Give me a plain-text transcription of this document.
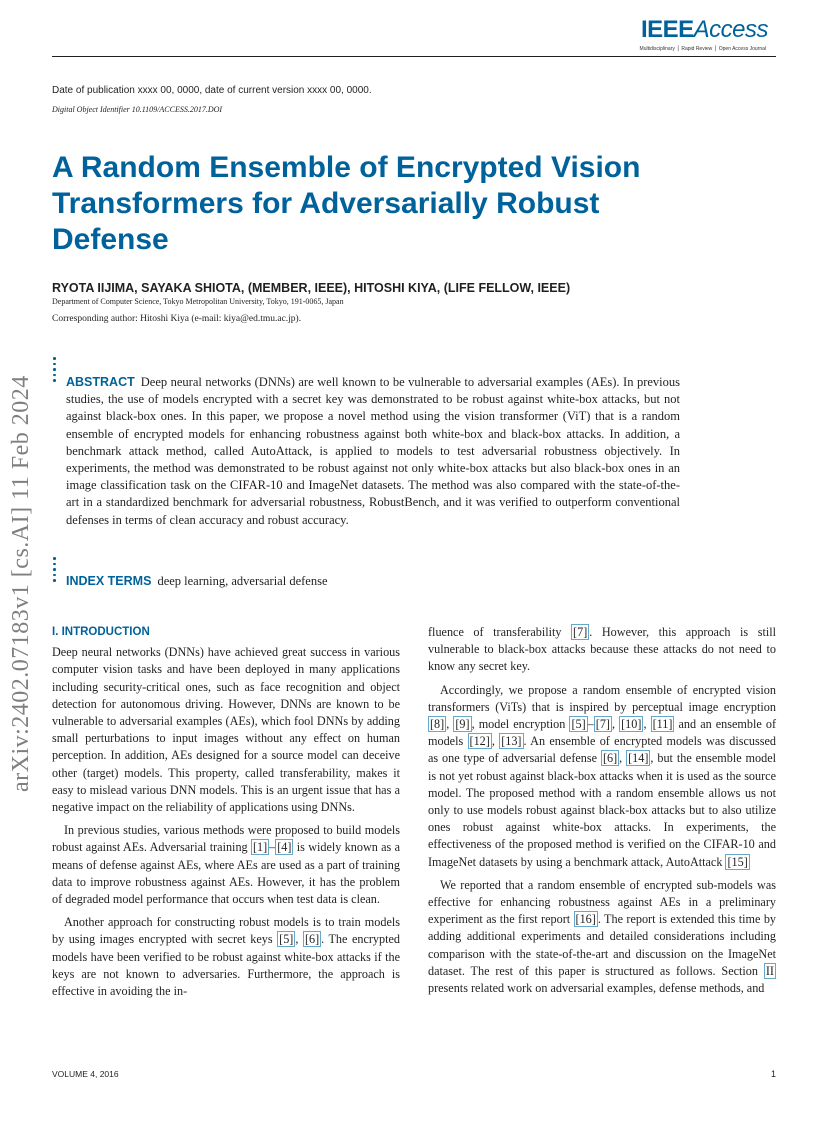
IEEEAccess
Multidisciplinary ⎪ Rapid Review ⎪ Open Access Journal
Date of publication xxxx 00, 0000, date of current version xxxx 00, 0000.
Digital Object Identifier 10.1109/ACCESS.2017.DOI
A Random Ensemble of Encrypted Vision Transformers for Adversarially Robust Defense
RYOTA IIJIMA, SAYAKA SHIOTA, (MEMBER, IEEE), HITOSHI KIYA, (LIFE FELLOW, IEEE)
Department of Computer Science, Tokyo Metropolitan University, Tokyo, 191-0065, Japan
Corresponding author: Hitoshi Kiya (e-mail: kiya@ed.tmu.ac.jp).
ABSTRACT Deep neural networks (DNNs) are well known to be vulnerable to adversarial examples (AEs). In previous studies, the use of models encrypted with a secret key was demonstrated to be robust against white-box attacks, but not against black-box ones. In this paper, we propose a novel method using the vision transformer (ViT) that is a random ensemble of encrypted models for enhancing robustness against both white-box and black-box attacks. In addition, a benchmark attack method, called AutoAttack, is applied to models to test adversarial robustness objectively. In experiments, the method was demonstrated to be robust against not only white-box attacks but also black-box ones in an image classification task on the CIFAR-10 and ImageNet datasets. The method was also compared with the state-of-the-art in a standardized benchmark for adversarial robustness, RobustBench, and it was verified to outperform conventional defenses in terms of clean accuracy and robust accuracy.
INDEX TERMS deep learning, adversarial defense
arXiv:2402.07183v1 [cs.AI] 11 Feb 2024	I. INTRODUCTION

Deep neural networks (DNNs) have achieved great success in various computer vision tasks and have been deployed in many applications including security-critical ones, such as face recognition and object detection for autonomous driving. However, DNNs are known to be vulnerable to adversarial examples (AEs), which fool DNNs by adding small perturbations to input images without any effect on human perception. In addition, AEs designed for a source model can deceive other (target) models. This property, called transferability, makes it easy to mislead various DNN models. This is an urgent issue that has a negative impact on the reliability of applications using DNNs.

In previous studies, various methods were proposed to build models robust against AEs. Adversarial training [1] – [4] is widely known as a means of defense against AEs, where AEs are used as a part of training data to improve robustness against AEs. However, it has the problem of degraded model performance that occurs when test data is clean.

Another approach for constructing robust models is to train models by using images encrypted with secret keys [5] , [6] . The encrypted models have been verified to be robust against white-box attacks if the keys are not known to adversaries. Furthermore, the approach is effective in avoiding the in-

fluence of transferability [7] . However, this approach is still vulnerable to black-box attacks because these attacks do not need to know any secret key.

Accordingly, we propose a random ensemble of encrypted vision transformers (ViTs) that is inspired by perceptual image encryption [8] , [9] , model encryption [5] – [7] , [10] , [11] and an ensemble of models [12] , [13] . An ensemble of encrypted models was discussed as one type of adversarial defense [6] , [14] , but the ensemble model is not yet robust against black-box attacks when it is used as the source model. The proposed method with a random ensemble allows us not only to use models robust against black-box attacks but to also utilize ones robust against white-box attacks. In experiments, the effectiveness of the proposed method is verified on the CIFAR-10 and ImageNet datasets by using a benchmark attack, AutoAttack [15]

We reported that a random ensemble of encrypted sub-models was effective for enhancing robustness against AEs in a preliminary experiment as the first report [16] . The report is extended this time by adding additional experiments and detailed considerations including comparison with the state-of-the-art and discussion on the ImageNet dataset. The rest of this paper is structured as follows. Section II presents related work on adversarial examples, defense methods, and

VOLUME 4, 2016	1
